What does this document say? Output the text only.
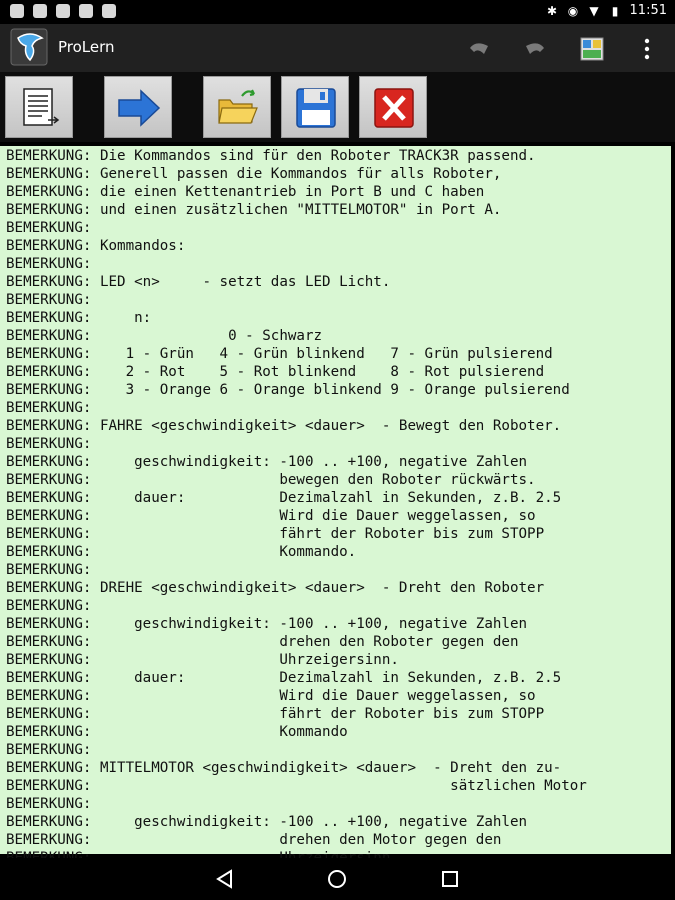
✱ ◉ ▼ ▮ 11:51
ProLern
BEMERKUNG: Die Kommandos sind für den Roboter TRACK3R passend.
BEMERKUNG: Generell passen die Kommandos für alls Roboter,
BEMERKUNG: die einen Kettenantrieb in Port B und C haben
BEMERKUNG: und einen zusätzlichen "MITTELMOTOR" in Port A.
BEMERKUNG:
BEMERKUNG: Kommandos:
BEMERKUNG:
BEMERKUNG: LED <n>     - setzt das LED Licht.
BEMERKUNG:
BEMERKUNG:     n:
BEMERKUNG:                0 - Schwarz
BEMERKUNG:    1 - Grün   4 - Grün blinkend   7 - Grün pulsierend
BEMERKUNG:    2 - Rot    5 - Rot blinkend    8 - Rot pulsierend
BEMERKUNG:    3 - Orange 6 - Orange blinkend 9 - Orange pulsierend
BEMERKUNG:
BEMERKUNG: FAHRE <geschwindigkeit> <dauer>  - Bewegt den Roboter.
BEMERKUNG:
BEMERKUNG:     geschwindigkeit: -100 .. +100, negative Zahlen
BEMERKUNG:                      bewegen den Roboter rückwärts.
BEMERKUNG:     dauer:           Dezimalzahl in Sekunden, z.B. 2.5
BEMERKUNG:                      Wird die Dauer weggelassen, so
BEMERKUNG:                      fährt der Roboter bis zum STOPP
BEMERKUNG:                      Kommando.
BEMERKUNG:
BEMERKUNG: DREHE <geschwindigkeit> <dauer>  - Dreht den Roboter
BEMERKUNG:
BEMERKUNG:     geschwindigkeit: -100 .. +100, negative Zahlen
BEMERKUNG:                      drehen den Roboter gegen den
BEMERKUNG:                      Uhrzeigersinn.
BEMERKUNG:     dauer:           Dezimalzahl in Sekunden, z.B. 2.5
BEMERKUNG:                      Wird die Dauer weggelassen, so
BEMERKUNG:                      fährt der Roboter bis zum STOPP
BEMERKUNG:                      Kommando
BEMERKUNG:
BEMERKUNG: MITTELMOTOR <geschwindigkeit> <dauer>  - Dreht den zu-
BEMERKUNG:                                          sätzlichen Motor
BEMERKUNG:
BEMERKUNG:     geschwindigkeit: -100 .. +100, negative Zahlen
BEMERKUNG:                      drehen den Motor gegen den
